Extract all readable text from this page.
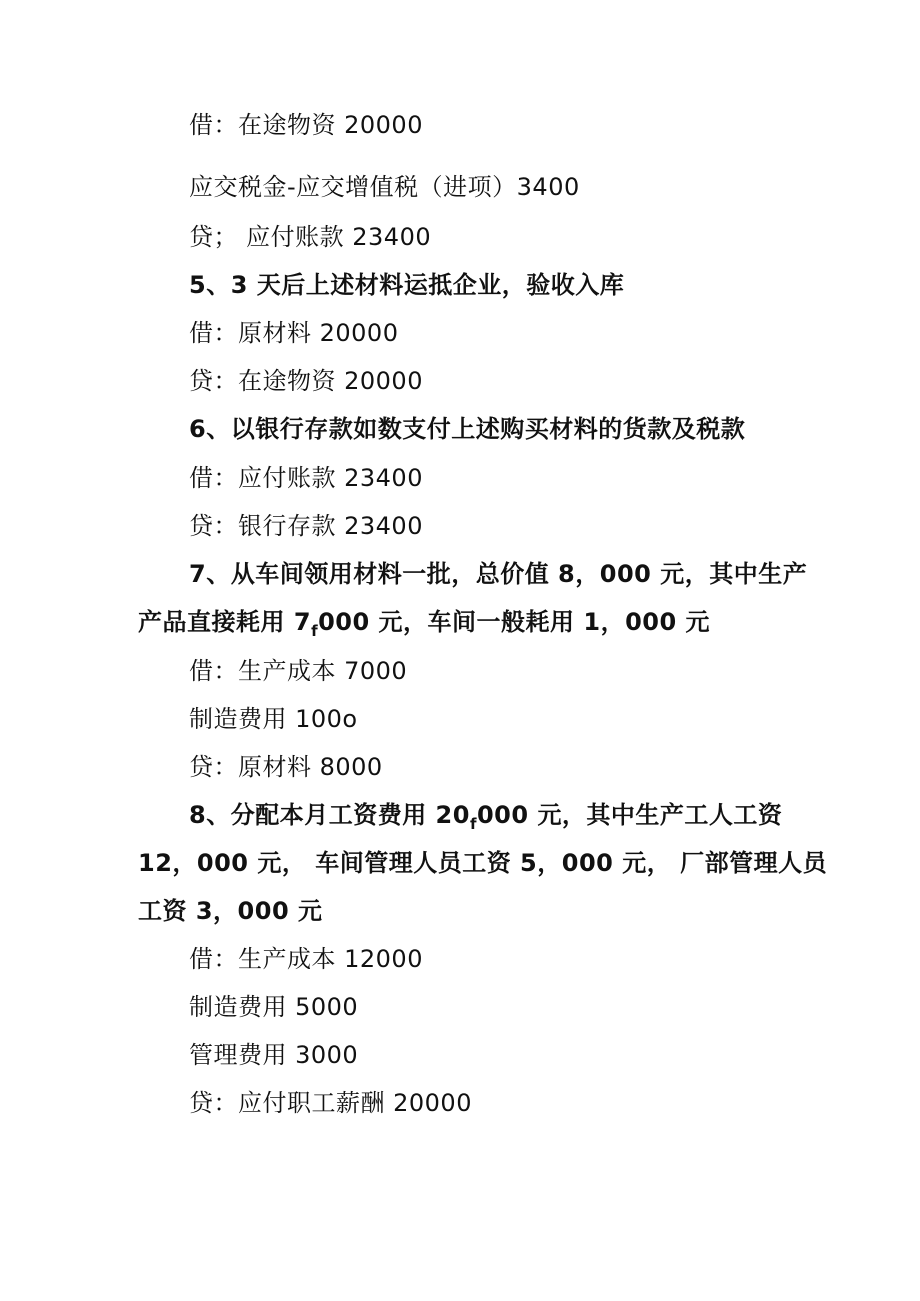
借：在途物资 20000
应交税金-应交增值税（进项）3400
贷； 应付账款 23400
5、3 天后上述材料运抵企业，验收入库
借：原材料 20000
贷：在途物资 20000
6、以银行存款如数支付上述购买材料的货款及税款
借：应付账款 23400
贷：银行存款 23400
7、从车间领用材料一批，总价值 8，000 元，其中生产
产品直接耗用 $7_f000$ 元，车间一般耗用 1，000 元
借：生产成本 7000
制造费用 100o
贷：原材料 8000
8、分配本月工资费用 $20_f000$ 元，其中生产工人工资
12，000 元， 车间管理人员工资 5，000 元， 厂部管理人员
工资 3，000 元
借：生产成本 12000
制造费用 5000
管理费用 3000
贷：应付职工薪酬 20000
